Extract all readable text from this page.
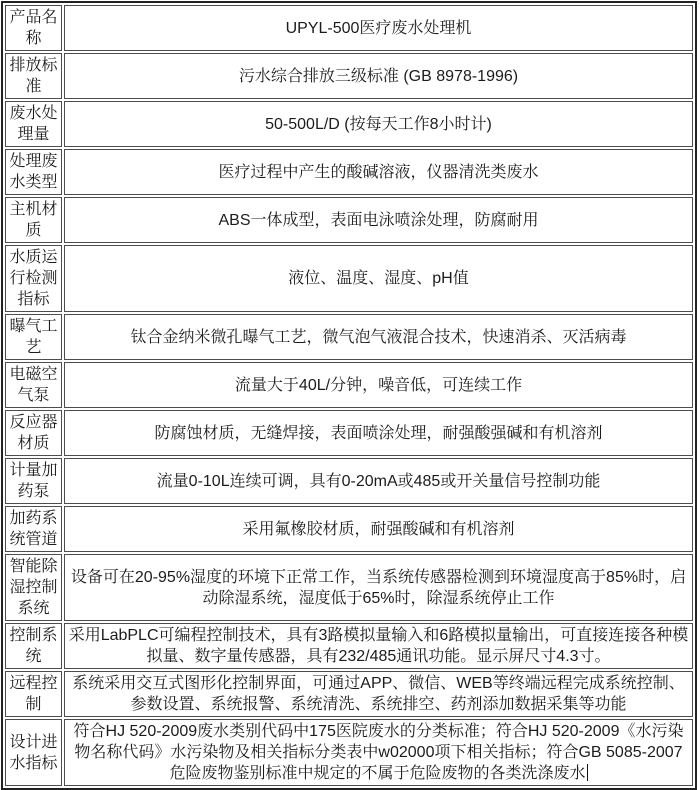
产品名称	UPYL-500医疗废水处理机
排放标准	污水综合排放三级标准 (GB 8978-1996)
废水处理量	50-500L/D (按每天工作8小时计)
处理废水类型	医疗过程中产生的酸碱溶液，仪器清洗类废水
主机材质	ABS一体成型，表面电泳喷涂处理，防腐耐用
水质运行检测指标	液位、温度、湿度、pH值
曝气工艺	钛合金纳米微孔曝气工艺，微气泡气液混合技术，快速消杀、灭活病毒
电磁空气泵	流量大于40L/分钟，噪音低，可连续工作
反应器材质	防腐蚀材质，无缝焊接，表面喷涂处理，耐强酸强碱和有机溶剂
计量加药泵	流量0-10L连续可调，具有0-20mA或485或开关量信号控制功能
加药系统管道	采用氟橡胶材质，耐强酸碱和有机溶剂
智能除湿控制系统	设备可在20-95%湿度的环境下正常工作，当系统传感器检测到环境湿度高于85%时，启动除湿系统，湿度低于65%时，除湿系统停止工作
控制系统	采用LabPLC可编程控制技术，具有3路模拟量输入和6路模拟量输出，可直接连接各种模拟量、数字量传感器，具有232/485通讯功能。显示屏尺寸4.3寸。
远程控制	系统采用交互式图形化控制界面，可通过APP、微信、WEB等终端远程完成系统控制、参数设置、系统报警、系统清洗、系统排空、药剂添加数据采集等功能
设计进水指标	符合HJ 520-2009废水类别代码中175医院废水的分类标准；符合HJ 520-2009《水污染物名称代码》水污染物及相关指标分类表中w02000项下相关指标；符合GB 5085-2007危险废物鉴别标准中规定的不属于危险废物的各类洗涤废水
